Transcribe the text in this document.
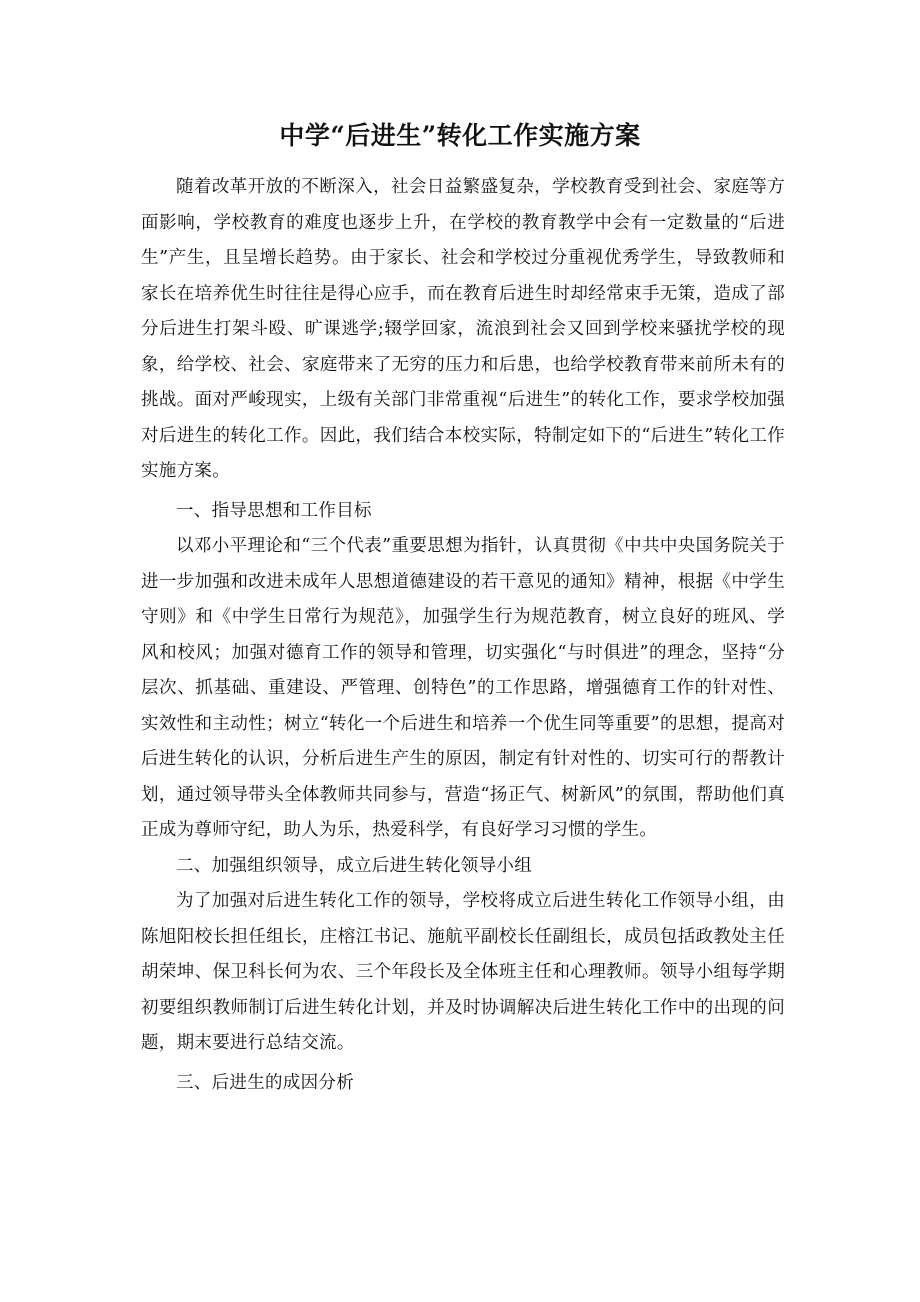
中学“后进生”转化工作实施方案

随着改革开放的不断深入，社会日益繁盛复杂，学校教育受到社会、家庭等方面影响，学校教育的难度也逐步上升，在学校的教育教学中会有一定数量的“后进生”产生，且呈增长趋势。由于家长、社会和学校过分重视优秀学生，导致教师和家长在培养优生时往往是得心应手，而在教育后进生时却经常束手无策，造成了部分后进生打架斗殴、旷课逃学;辍学回家，流浪到社会又回到学校来骚扰学校的现象，给学校、社会、家庭带来了无穷的压力和后患，也给学校教育带来前所未有的挑战。面对严峻现实，上级有关部门非常重视“后进生”的转化工作，要求学校加强对后进生的转化工作。因此，我们结合本校实际，特制定如下的“后进生”转化工作实施方案。

一、指导思想和工作目标

以邓小平理论和“三个代表”重要思想为指针，认真贯彻《中共中央国务院关于进一步加强和改进未成年人思想道德建设的若干意见的通知》精神，根据《中学生守则》和《中学生日常行为规范》，加强学生行为规范教育，树立良好的班风、学风和校风；加强对德育工作的领导和管理，切实强化“与时俱进”的理念，坚持“分层次、抓基础、重建设、严管理、创特色”的工作思路，增强德育工作的针对性、实效性和主动性；树立“转化一个后进生和培养一个优生同等重要”的思想，提高对后进生转化的认识，分析后进生产生的原因，制定有针对性的、切实可行的帮教计划，通过领导带头全体教师共同参与，营造“扬正气、树新风”的氛围，帮助他们真正成为尊师守纪，助人为乐，热爱科学，有良好学习习惯的学生。

二、加强组织领导，成立后进生转化领导小组

为了加强对后进生转化工作的领导，学校将成立后进生转化工作领导小组，由陈旭阳校长担任组长，庄榕江书记、施航平副校长任副组长，成员包括政教处主任胡荣坤、保卫科长何为农、三个年段长及全体班主任和心理教师。领导小组每学期初要组织教师制订后进生转化计划，并及时协调解决后进生转化工作中的出现的问题，期末要进行总结交流。

三、后进生的成因分析
